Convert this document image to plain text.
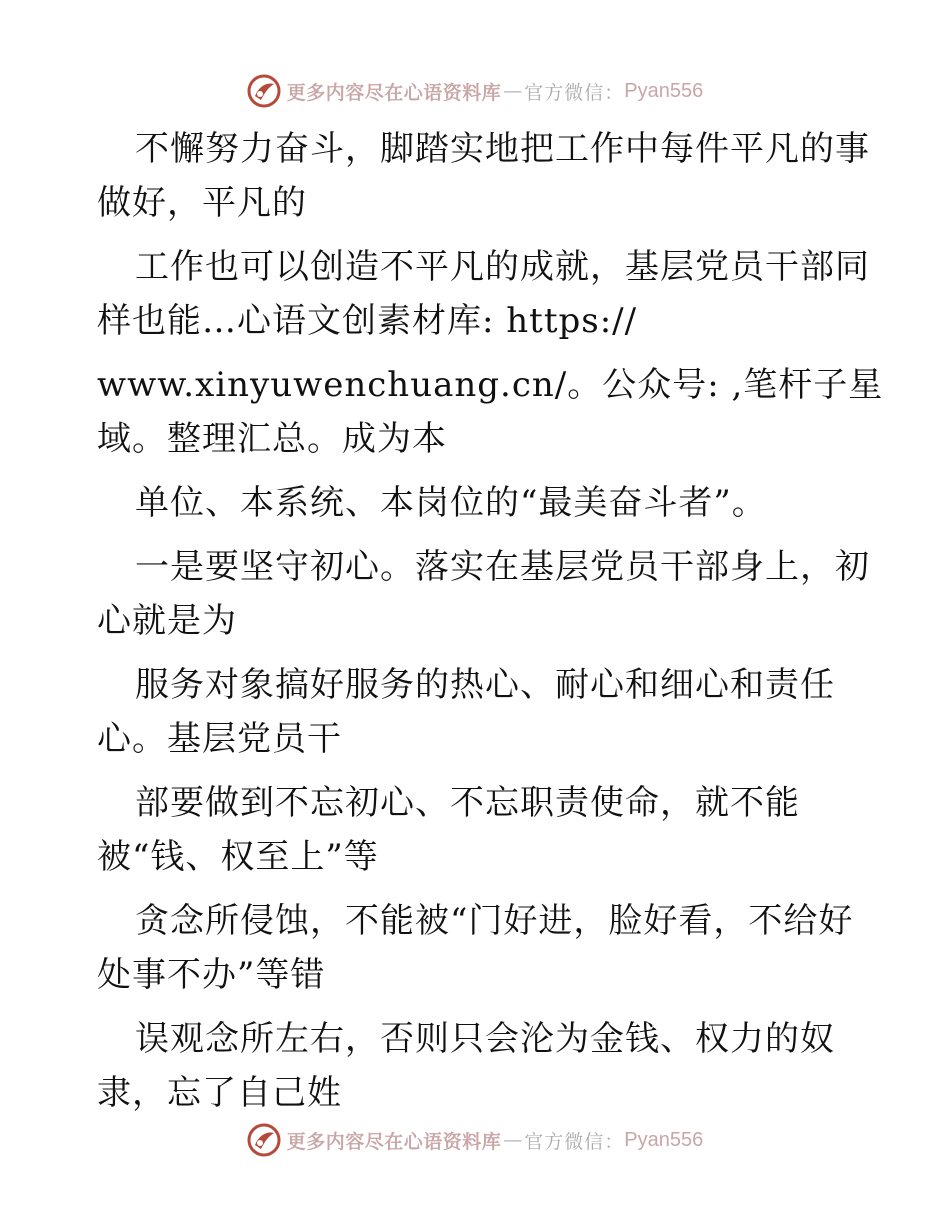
更多内容尽在心语资料库 — 官方微信： Pyan556
不懈努力奋斗，脚踏实地把工作中每件平凡的事
做好，平凡的
工作也可以创造不平凡的成就，基层党员干部同
样也能…心语文创素材库: https://
www.xinyuwenchuang.cn/。公众号: ,笔杆子星
域。整理汇总。成为本
单位、本系统、本岗位的“最美奋斗者”。
一是要坚守初心。落实在基层党员干部身上，初
心就是为
服务对象搞好服务的热心、耐心和细心和责任
心。基层党员干
部要做到不忘初心、不忘职责使命，就不能
被“钱、权至上”等
贪念所侵蚀，不能被“门好进，脸好看，不给好
处事不办”等错
误观念所左右，否则只会沦为金钱、权力的奴
隶，忘了自己姓
更多内容尽在心语资料库 — 官方微信： Pyan556
